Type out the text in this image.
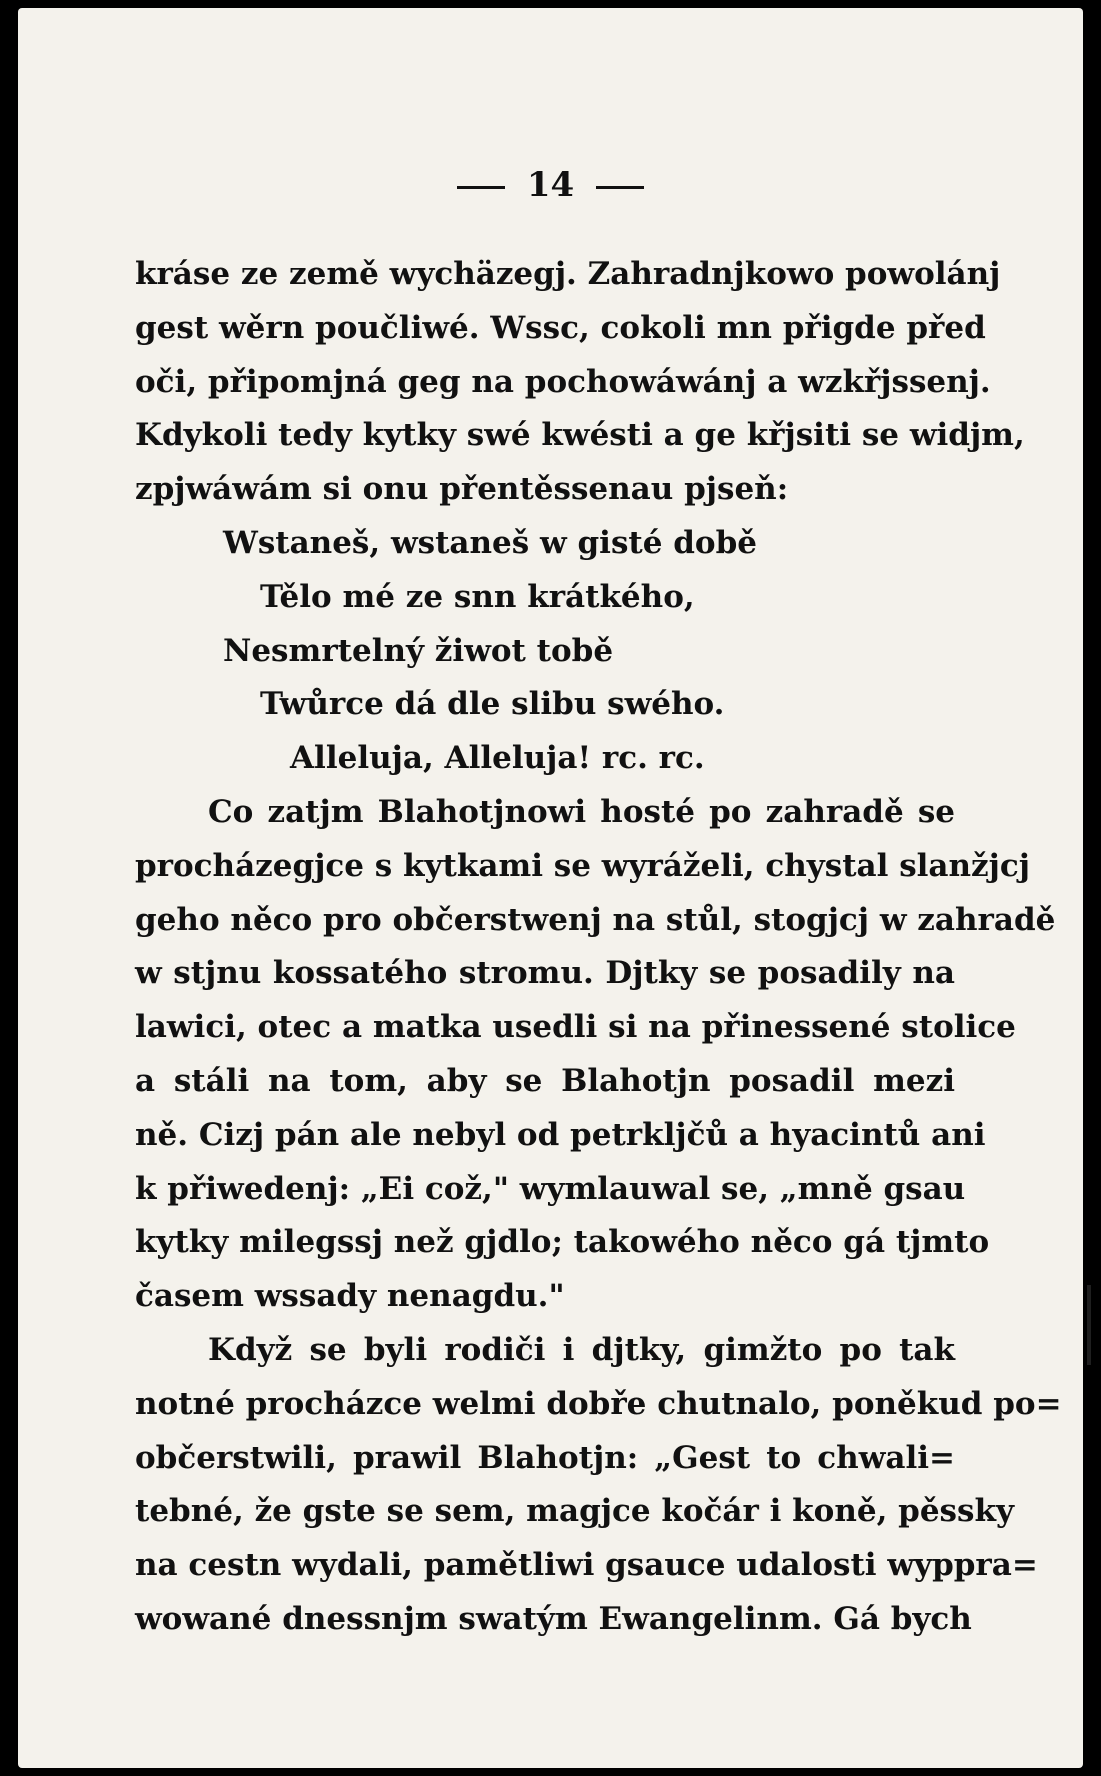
14
kráse ze země wychäzegj. Zahradnjkowo powolánj
gest wěrn poučliwé. Wssc, cokoli mn přigde před
oči, připomjná geg na pochowáwánj a wzkřjssenj.
Kdykoli tedy kytky swé kwésti a ge křjsiti se widjm,
zpjwáwám si onu přentěssenau pjseň:
Wstaneš, wstaneš w gisté době
Tělo mé ze snn krátkého,
Nesmrtelný žiwot tobě
Twůrce dá dle slibu swého.
Alleluja, Alleluja! rc. rc.
Co zatjm Blahotjnowi hosté po zahradě se
procházegjce s kytkami se wyráželi, chystal slanžjcj
geho něco pro občerstwenj na stůl, stogjcj w zahradě
w stjnu kossatého stromu. Djtky se posadily na
lawici, otec a matka usedli si na přinessené stolice
a stáli na tom, aby se Blahotjn posadil mezi
ně. Cizj pán ale nebyl od petrkljčů a hyacintů ani
k přiwedenj: „Ei což," wymlauwal se, „mně gsau
kytky milegssj než gjdlo; takowého něco gá tjmto
časem wssady nenagdu."
Když se byli rodiči i djtky, gimžto po tak
notné procházce welmi dobře chutnalo, poněkud po=
občerstwili, prawil Blahotjn: „Gest to chwali=
tebné, že gste se sem, magjce kočár i koně, pěssky
na cestn wydali, pamětliwi gsauce udalosti wyppra=
wowané dnessnjm swatým Ewangelinm. Gá bych
